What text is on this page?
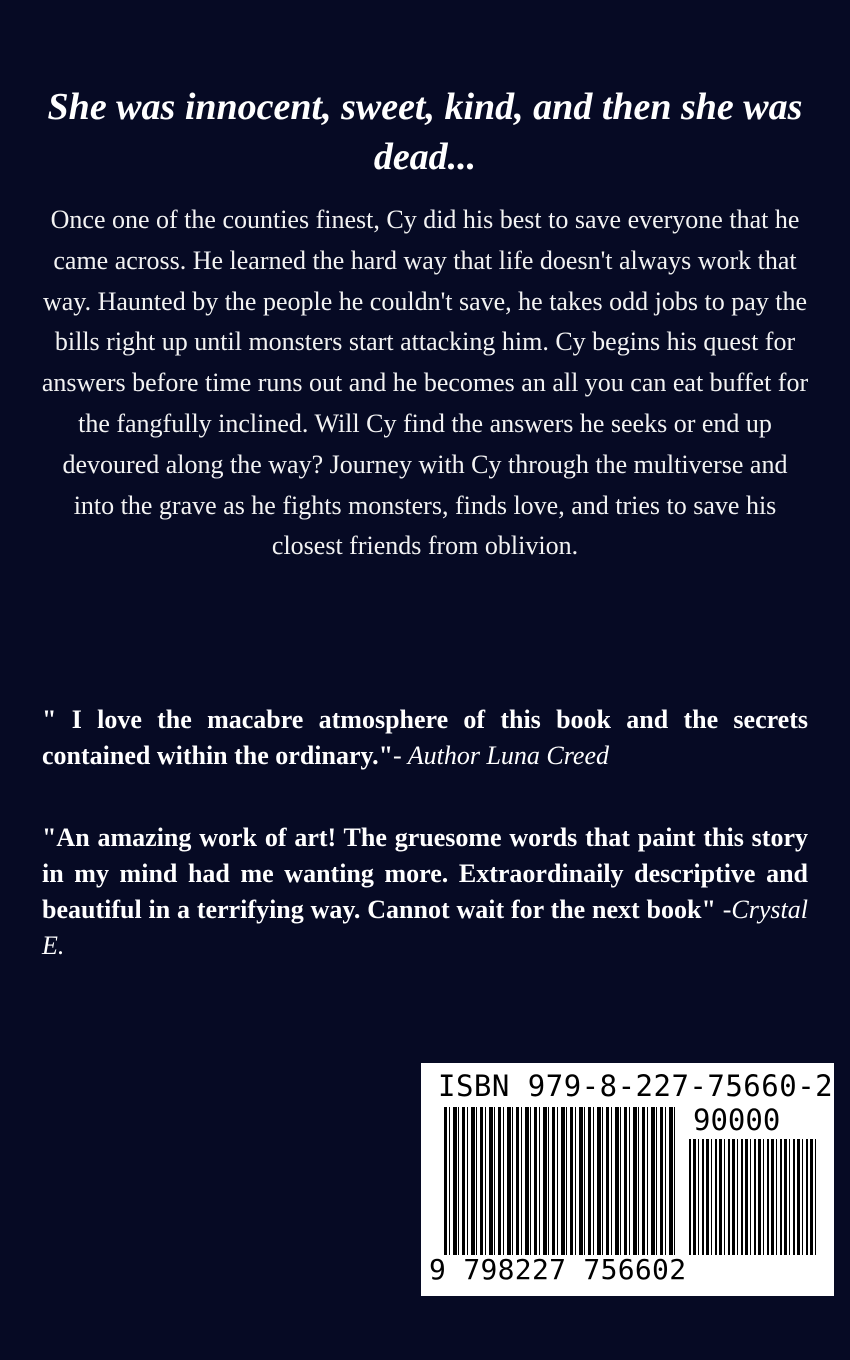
She was innocent, sweet, kind, and then she was dead...

Once one of the counties finest, Cy did his best to save everyone that he came across. He learned the hard way that life doesn't always work that way. Haunted by the people he couldn't save, he takes odd jobs to pay the bills right up until monsters start attacking him. Cy begins his quest for answers before time runs out and he becomes an all you can eat buffet for the fangfully inclined. Will Cy find the answers he seeks or end up devoured along the way? Journey with Cy through the multiverse and into the grave as he fights monsters, finds love, and tries to save his closest friends from oblivion.

" I love the macabre atmosphere of this book and the secrets contained within the ordinary."- Author Luna Creed

"An amazing work of art! The gruesome words that paint this story in my mind had me wanting more. Extraordinaily descriptive and beautiful in a terrifying way. Cannot wait for the next book" -Crystal E.

ISBN 979-8-227-75660-2
90000
9 798227 756602
